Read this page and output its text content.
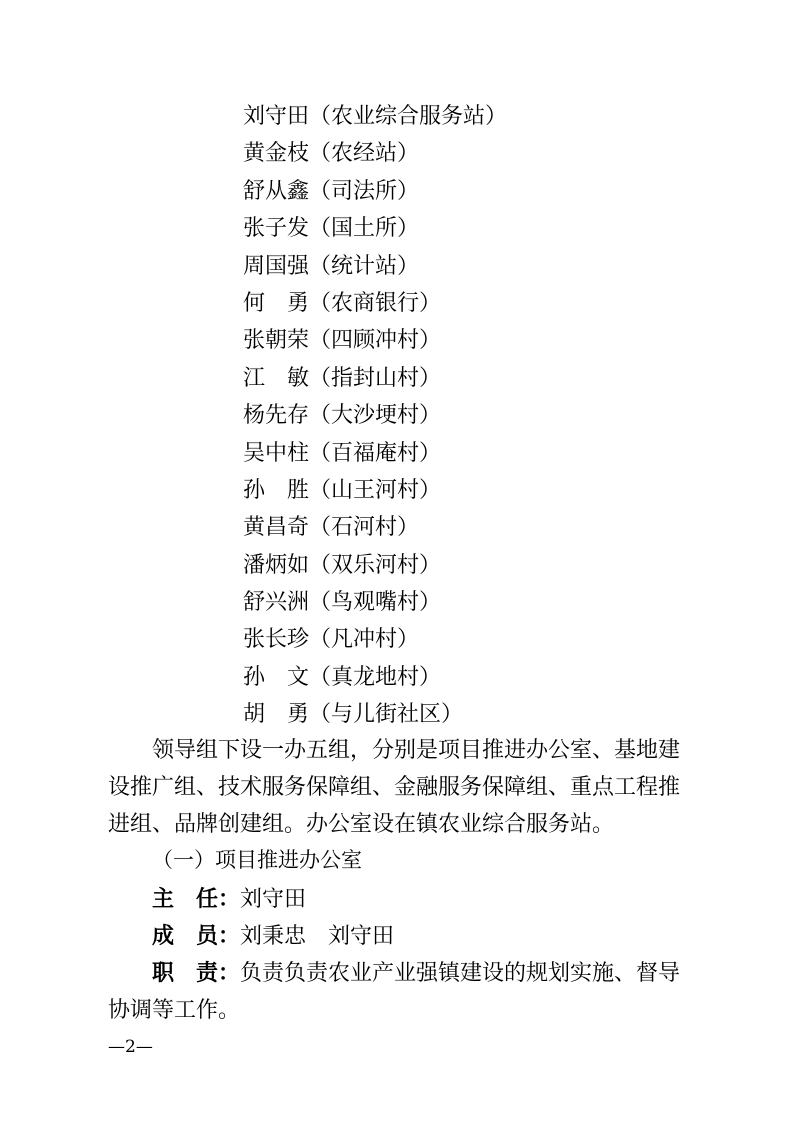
刘守田（农业综合服务站）
黄金枝（农经站）
舒从鑫（司法所）
张子发（国土所）
周国强（统计站）
何　勇（农商银行）
张朝荣（四顾冲村）
江　敏（指封山村）
杨先存（大沙埂村）
吴中柱（百福庵村）
孙　胜（山王河村）
黄昌奇（石河村）
潘炳如（双乐河村）
舒兴洲（鸟观嘴村）
张长珍（凡冲村）
孙　文（真龙地村）
胡　勇（与儿街社区）

领导组下设一办五组，分别是项目推进办公室、基地建设推广组、技术服务保障组、金融服务保障组、重点工程推进组、品牌创建组。办公室设在镇农业综合服务站。

（一）项目推进办公室
主　任：刘守田
成　员：刘秉忠　刘守田

职　责：负责负责农业产业强镇建设的规划实施、督导协调等工作。

—2—
